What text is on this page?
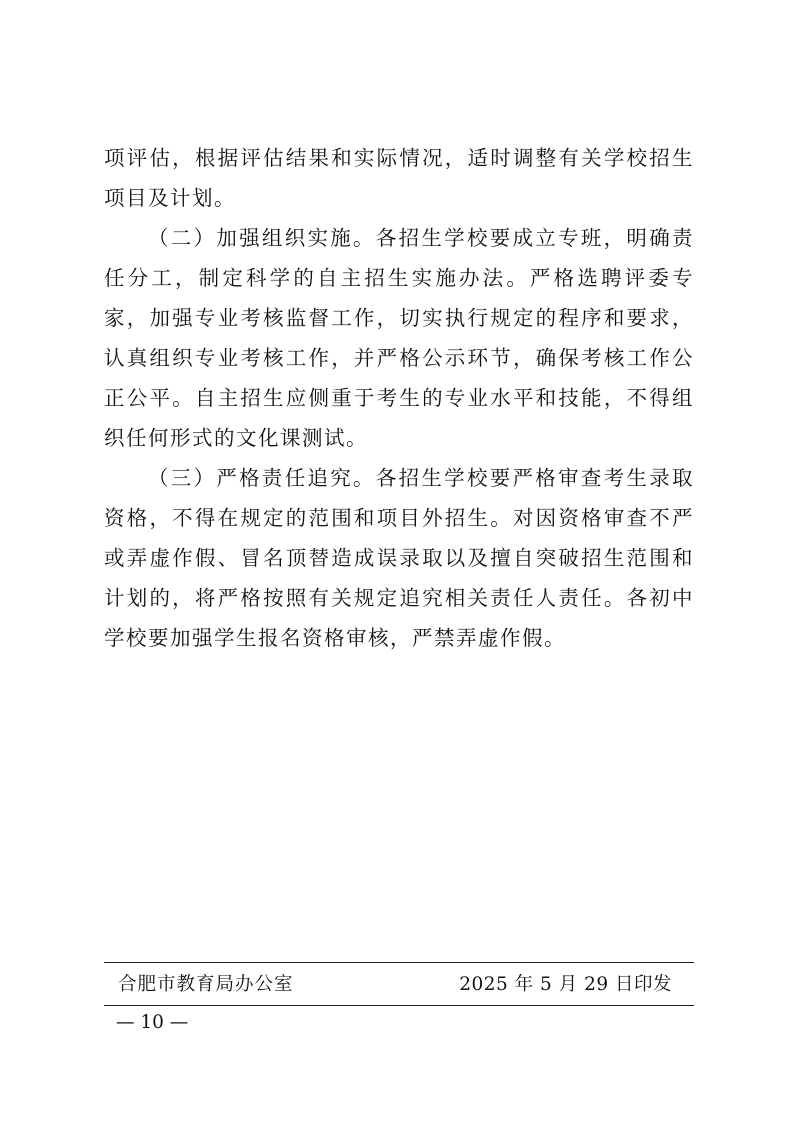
项评估，根据评估结果和实际情况，适时调整有关学校招生项目及计划。

（二）加强组织实施。各招生学校要成立专班，明确责任分工，制定科学的自主招生实施办法。严格选聘评委专家，加强专业考核监督工作，切实执行规定的程序和要求，认真组织专业考核工作，并严格公示环节，确保考核工作公正公平。自主招生应侧重于考生的专业水平和技能，不得组织任何形式的文化课测试。

（三）严格责任追究。各招生学校要严格审查考生录取资格，不得在规定的范围和项目外招生。对因资格审查不严或弄虚作假、冒名顶替造成误录取以及擅自突破招生范围和计划的，将严格按照有关规定追究相关责任人责任。各初中学校要加强学生报名资格审核，严禁弄虚作假。

合肥市教育局办公室	2025 年 5 月 29 日印发
— 10 —
